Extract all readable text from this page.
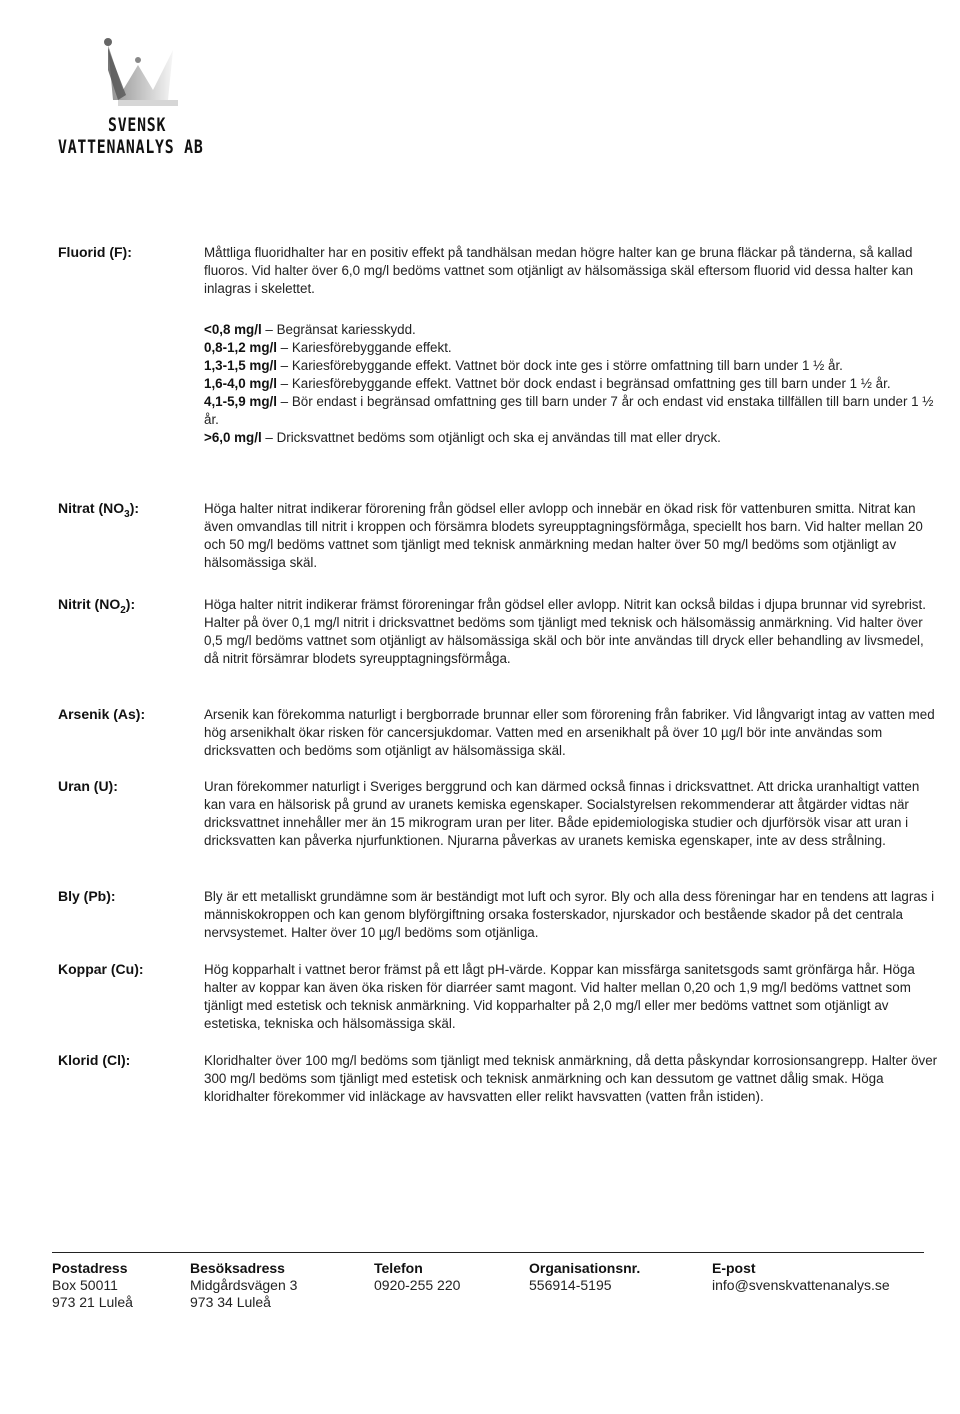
SVENSK
VATTENANALYS AB
Fluorid (F):	Måttliga fluoridhalter har en positiv effekt på tandhälsan medan högre halter kan ge bruna fläckar på tänderna, så kallad fluoros. Vid halter över 6,0 mg/l bedöms vattnet som otjänligt av hälsomässiga skäl eftersom fluorid vid dessa halter kan inlagras i skelettet.
<0,8 mg/l – Begränsat kariesskydd.
0,8-1,2 mg/l – Kariesförebyggande effekt.
1,3-1,5 mg/l – Kariesförebyggande effekt. Vattnet bör dock inte ges i större omfattning till barn under 1 ½ år.
1,6-4,0 mg/l – Kariesförebyggande effekt. Vattnet bör dock endast i begränsad omfattning ges till barn under 1 ½ år.
4,1-5,9 mg/l – Bör endast i begränsad omfattning ges till barn under 7 år och endast vid enstaka tillfällen till barn under 1 ½ år.
>6,0 mg/l – Dricksvattnet bedöms som otjänligt och ska ej användas till mat eller dryck.
Nitrat $(NO_3)$:	Höga halter nitrat indikerar förorening från gödsel eller avlopp och innebär en ökad risk för vattenburen smitta. Nitrat kan även omvandlas till nitrit i kroppen och försämra blodets syreupptagningsförmåga, speciellt hos barn. Vid halter mellan 20 och 50 mg/l bedöms vattnet som tjänligt med teknisk anmärkning medan halter över 50 mg/l bedöms som otjänligt av hälsomässiga skäl.
Nitrit $(NO_2)$:	Höga halter nitrit indikerar främst föroreningar från gödsel eller avlopp. Nitrit kan också bildas i djupa brunnar vid syrebrist. Halter på över 0,1 mg/l nitrit i dricksvattnet bedöms som tjänligt med teknisk och hälsomässig anmärkning. Vid halter över 0,5 mg/l bedöms vattnet som otjänligt av hälsomässiga skäl och bör inte användas till dryck eller behandling av livsmedel, då nitrit försämrar blodets syreupptagningsförmåga.
Arsenik (As):	Arsenik kan förekomma naturligt i bergborrade brunnar eller som förorening från fabriker. Vid långvarigt intag av vatten med hög arsenikhalt ökar risken för cancersjukdomar. Vatten med en arsenikhalt på över 10 µg/l bör inte användas som dricksvatten och bedöms som otjänligt av hälsomässiga skäl.
Uran (U):	Uran förekommer naturligt i Sveriges berggrund och kan därmed också finnas i dricksvattnet. Att dricka uranhaltigt vatten kan vara en hälsorisk på grund av uranets kemiska egenskaper. Socialstyrelsen rekommenderar att åtgärder vidtas när dricksvattnet innehåller mer än 15 mikrogram uran per liter. Både epidemiologiska studier och djurförsök visar att uran i dricksvatten kan påverka njurfunktionen. Njurarna påverkas av uranets kemiska egenskaper, inte av dess strålning.
Bly (Pb):	Bly är ett metalliskt grundämne som är beständigt mot luft och syror. Bly och alla dess föreningar har en tendens att lagras i människokroppen och kan genom blyförgiftning orsaka fosterskador, njurskador och bestående skador på det centrala nervsystemet. Halter över 10 µg/l bedöms som otjänliga.
Koppar (Cu):	Hög kopparhalt i vattnet beror främst på ett lågt pH-värde. Koppar kan missfärga sanitetsgods samt grönfärga hår. Höga halter av koppar kan även öka risken för diarréer samt magont. Vid halter mellan 0,20 och 1,9 mg/l bedöms vattnet som tjänligt med estetisk och teknisk anmärkning. Vid kopparhalter på 2,0 mg/l eller mer bedöms vattnet som otjänligt av estetiska, tekniska och hälsomässiga skäl.
Klorid (Cl):	Kloridhalter över 100 mg/l bedöms som tjänligt med teknisk anmärkning, då detta påskyndar korrosionsangrepp. Halter över 300 mg/l bedöms som tjänligt med estetisk och teknisk anmärkning och kan dessutom ge vattnet dålig smak. Höga kloridhalter förekommer vid inläckage av havsvatten eller relikt havsvatten (vatten från istiden).
Postadress
Box 50011
973 21 Luleå
Besöksadress
Midgårdsvägen 3
973 34 Luleå
Telefon
0920-255 220
Organisationsnr.
556914-5195
E-post
info@svenskvattenanalys.se
